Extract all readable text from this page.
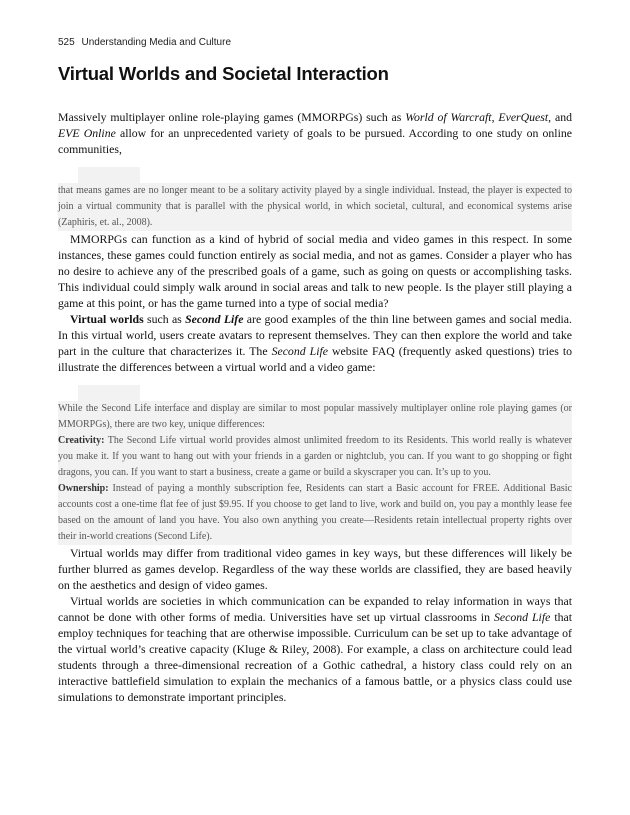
525 Understanding Media and Culture
Virtual Worlds and Societal Interaction

Massively multiplayer online role-playing games (MMORPGs) such as World of Warcraft, EverQuest, and EVE Online allow for an unprecedented variety of goals to be pursued. According to one study on online communities,

that means games are no longer meant to be a solitary activity played by a single individual. Instead, the player is expected to join a virtual community that is parallel with the physical world, in which societal, cultural, and economical systems arise (Zaphiris, et. al., 2008).

MMORPGs can function as a kind of hybrid of social media and video games in this respect. In some instances, these games could function entirely as social media, and not as games. Consider a player who has no desire to achieve any of the prescribed goals of a game, such as going on quests or accomplishing tasks. This individual could simply walk around in social areas and talk to new people. Is the player still playing a game at this point, or has the game turned into a type of social media?

Virtual worlds such as Second Life are good examples of the thin line between games and social media. In this virtual world, users create avatars to represent themselves. They can then explore the world and take part in the culture that characterizes it. The Second Life website FAQ (frequently asked questions) tries to illustrate the differences between a virtual world and a video game:

While the Second Life interface and display are similar to most popular massively multiplayer online role playing games (or MMORPGs), there are two key, unique differences:

Creativity: The Second Life virtual world provides almost unlimited freedom to its Residents. This world really is whatever you make it. If you want to hang out with your friends in a garden or nightclub, you can. If you want to go shopping or fight dragons, you can. If you want to start a business, create a game or build a skyscraper you can. It’s up to you.

Ownership: Instead of paying a monthly subscription fee, Residents can start a Basic account for FREE. Additional Basic accounts cost a one-time flat fee of just $9.95. If you choose to get land to live, work and build on, you pay a monthly lease fee based on the amount of land you have. You also own anything you create—Residents retain intellectual property rights over their in-world creations (Second Life).

Virtual worlds may differ from traditional video games in key ways, but these differences will likely be further blurred as games develop. Regardless of the way these worlds are classified, they are based heavily on the aesthetics and design of video games.

Virtual worlds are societies in which communication can be expanded to relay information in ways that cannot be done with other forms of media. Universities have set up virtual classrooms in Second Life that employ techniques for teaching that are otherwise impossible. Curriculum can be set up to take advantage of the virtual world’s creative capacity (Kluge & Riley, 2008). For example, a class on architecture could lead students through a three-dimensional recreation of a Gothic cathedral, a history class could rely on an interactive battlefield simulation to explain the mechanics of a famous battle, or a physics class could use simulations to demonstrate important principles.
